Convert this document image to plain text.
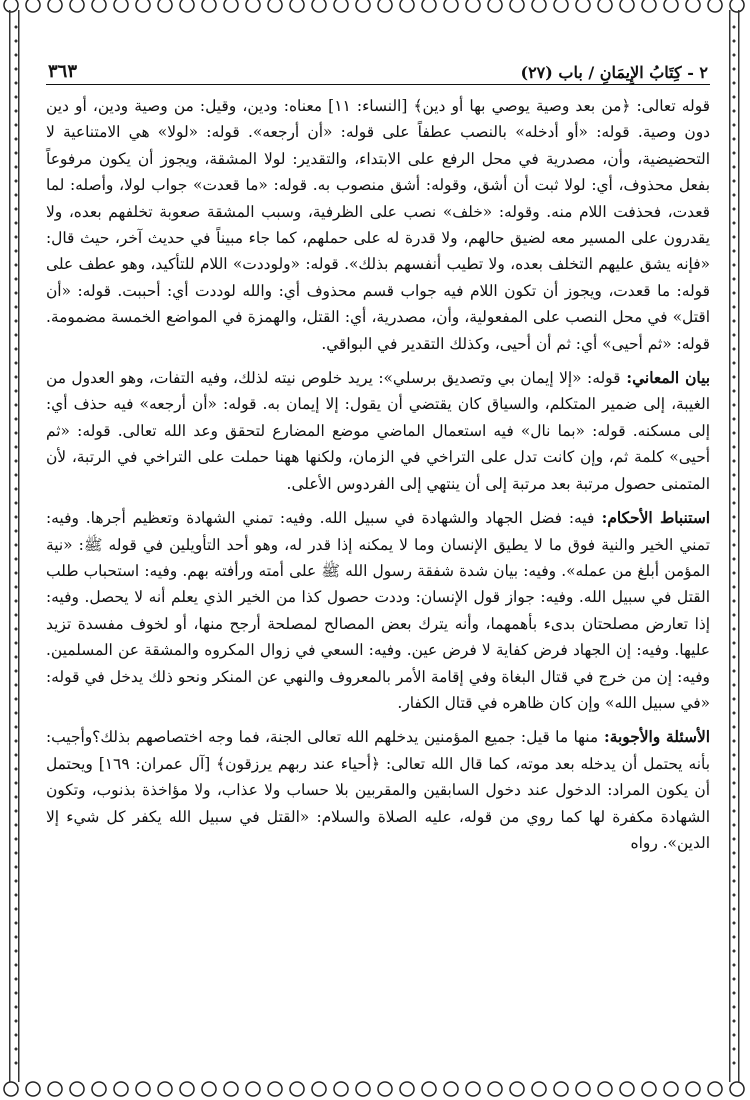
٢ - كِتَابُ الإِيمَانِ / باب (٢٧)
٣٦٣

قوله تعالى: ﴿من بعد وصية يوصي بها أو دين﴾ [النساء: ١١] معناه: ودين، وقيل: من وصية ودين، أو دين دون وصية. قوله: «أو أدخله» بالنصب عطفاً على قوله: «أن أرجعه». قوله: «لولا» هي الامتناعية لا التحضيضية، وأن، مصدرية في محل الرفع على الابتداء، والتقدير: لولا المشقة، ويجوز أن يكون مرفوعاً بفعل محذوف، أي: لولا ثبت أن أشق، وقوله: أشق منصوب به. قوله: «ما قعدت» جواب لولا، وأصله: لما قعدت، فحذفت اللام منه. وقوله: «خلف» نصب على الظرفية، وسبب المشقة صعوبة تخلفهم بعده، ولا يقدرون على المسير معه لضيق حالهم، ولا قدرة له على حملهم، كما جاء مبيناً في حديث آخر، حيث قال: «فإنه يشق عليهم التخلف بعده، ولا تطيب أنفسهم بذلك». قوله: «ولوددت» اللام للتأكيد، وهو عطف على قوله: ما قعدت، ويجوز أن تكون اللام فيه جواب قسم محذوف أي: والله لوددت أي: أحببت. قوله: «أن اقتل» في محل النصب على المفعولية، وأن، مصدرية، أي: القتل، والهمزة في المواضع الخمسة مضمومة. قوله: «ثم أحيى» أي: ثم أن أحيى، وكذلك التقدير في البواقي.

بيان المعاني: قوله: «إلا إيمان بي وتصديق برسلي»: يريد خلوص نيته لذلك، وفيه التفات، وهو العدول من الغيبة، إلى ضمير المتكلم، والسياق كان يقتضي أن يقول: إلا إيمان به. قوله: «أن أرجعه» فيه حذف أي: إلى مسكنه. قوله: «بما نال» فيه استعمال الماضي موضع المضارع لتحقق وعد الله تعالى. قوله: «ثم أحيى» كلمة ثم، وإن كانت تدل على التراخي في الزمان، ولكنها ههنا حملت على التراخي في الرتبة، لأن المتمنى حصول مرتبة بعد مرتبة إلى أن ينتهي إلى الفردوس الأعلى.

استنباط الأحكام: فيه: فضل الجهاد والشهادة في سبيل الله. وفيه: تمني الشهادة وتعظيم أجرها. وفيه: تمني الخير والنية فوق ما لا يطيق الإنسان وما لا يمكنه إذا قدر له، وهو أحد التأويلين في قوله ﷺ: «نية المؤمن أبلغ من عمله». وفيه: بيان شدة شفقة رسول الله ﷺ على أمته ورأفته بهم. وفيه: استحباب طلب القتل في سبيل الله. وفيه: جواز قول الإنسان: وددت حصول كذا من الخير الذي يعلم أنه لا يحصل. وفيه: إذا تعارض مصلحتان بدىء بأهمهما، وأنه يترك بعض المصالح لمصلحة أرجح منها، أو لخوف مفسدة تزيد عليها. وفيه: إن الجهاد فرض كفاية لا فرض عين. وفيه: السعي في زوال المكروه والمشقة عن المسلمين. وفيه: إن من خرج في قتال البغاة وفي إقامة الأمر بالمعروف والنهي عن المنكر ونحو ذلك يدخل في قوله: «في سبيل الله» وإن كان ظاهره في قتال الكفار.

الأسئلة والأجوبة: منها ما قيل: جميع المؤمنين يدخلهم الله تعالى الجنة، فما وجه اختصاصهم بذلك؟وأجيب: بأنه يحتمل أن يدخله بعد موته، كما قال الله تعالى: ﴿أحياء عند ربهم يرزقون﴾ [آل عمران: ١٦٩] ويحتمل أن يكون المراد: الدخول عند دخول السابقين والمقربين بلا حساب ولا عذاب، ولا مؤاخذة بذنوب، وتكون الشهادة مكفرة لها كما روي من قوله، عليه الصلاة والسلام: «القتل في سبيل الله يكفر كل شيء إلا الدين». رواه
